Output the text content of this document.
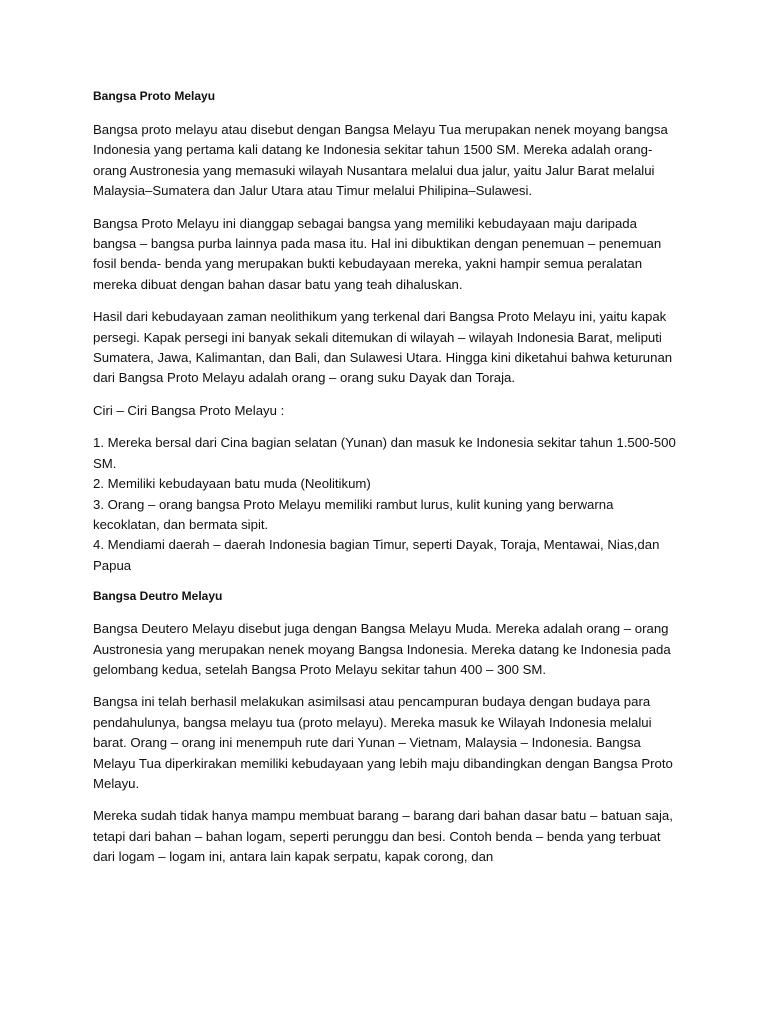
Bangsa Proto Melayu

Bangsa proto melayu atau disebut dengan Bangsa Melayu Tua merupakan nenek moyang bangsa Indonesia yang pertama kali datang ke Indonesia sekitar tahun 1500 SM. Mereka adalah orang-orang Austronesia yang memasuki wilayah Nusantara melalui dua jalur, yaitu Jalur Barat melalui Malaysia–Sumatera dan Jalur Utara atau Timur melalui Philipina–Sulawesi.

Bangsa Proto Melayu ini dianggap sebagai bangsa yang memiliki kebudayaan maju daripada bangsa – bangsa purba lainnya pada masa itu. Hal ini dibuktikan dengan penemuan – penemuan fosil benda- benda yang merupakan bukti kebudayaan mereka, yakni hampir semua peralatan mereka dibuat dengan bahan dasar batu yang teah dihaluskan.

Hasil dari kebudayaan zaman neolithikum yang terkenal dari Bangsa Proto Melayu ini, yaitu kapak persegi. Kapak persegi ini banyak sekali ditemukan di wilayah – wilayah Indonesia Barat, meliputi Sumatera, Jawa, Kalimantan, dan Bali, dan Sulawesi Utara. Hingga kini diketahui bahwa keturunan dari Bangsa Proto Melayu adalah orang – orang suku Dayak dan Toraja.

Ciri – Ciri Bangsa Proto Melayu :

1. Mereka bersal dari Cina bagian selatan (Yunan) dan masuk ke Indonesia sekitar tahun 1.500-500 SM.
2. Memiliki kebudayaan batu muda (Neolitikum)
3. Orang – orang bangsa Proto Melayu memiliki rambut lurus, kulit kuning yang berwarna kecoklatan, dan bermata sipit.
4. Mendiami daerah – daerah Indonesia bagian Timur, seperti Dayak, Toraja, Mentawai, Nias,dan Papua
Bangsa Deutro Melayu

Bangsa Deutero Melayu disebut juga dengan Bangsa Melayu Muda. Mereka adalah orang – orang Austronesia yang merupakan nenek moyang Bangsa Indonesia. Mereka datang ke Indonesia pada gelombang kedua, setelah Bangsa Proto Melayu sekitar tahun 400 – 300 SM.

Bangsa ini telah berhasil melakukan asimilsasi atau pencampuran budaya dengan budaya para pendahulunya, bangsa melayu tua (proto melayu). Mereka masuk ke Wilayah Indonesia melalui barat. Orang – orang ini menempuh rute dari Yunan – Vietnam, Malaysia – Indonesia. Bangsa Melayu Tua diperkirakan memiliki kebudayaan yang lebih maju dibandingkan dengan Bangsa Proto Melayu.

Mereka sudah tidak hanya mampu membuat barang – barang dari bahan dasar batu – batuan saja, tetapi dari bahan – bahan logam, seperti perunggu dan besi. Contoh benda – benda yang terbuat dari logam – logam ini, antara lain kapak serpatu, kapak corong, dan
